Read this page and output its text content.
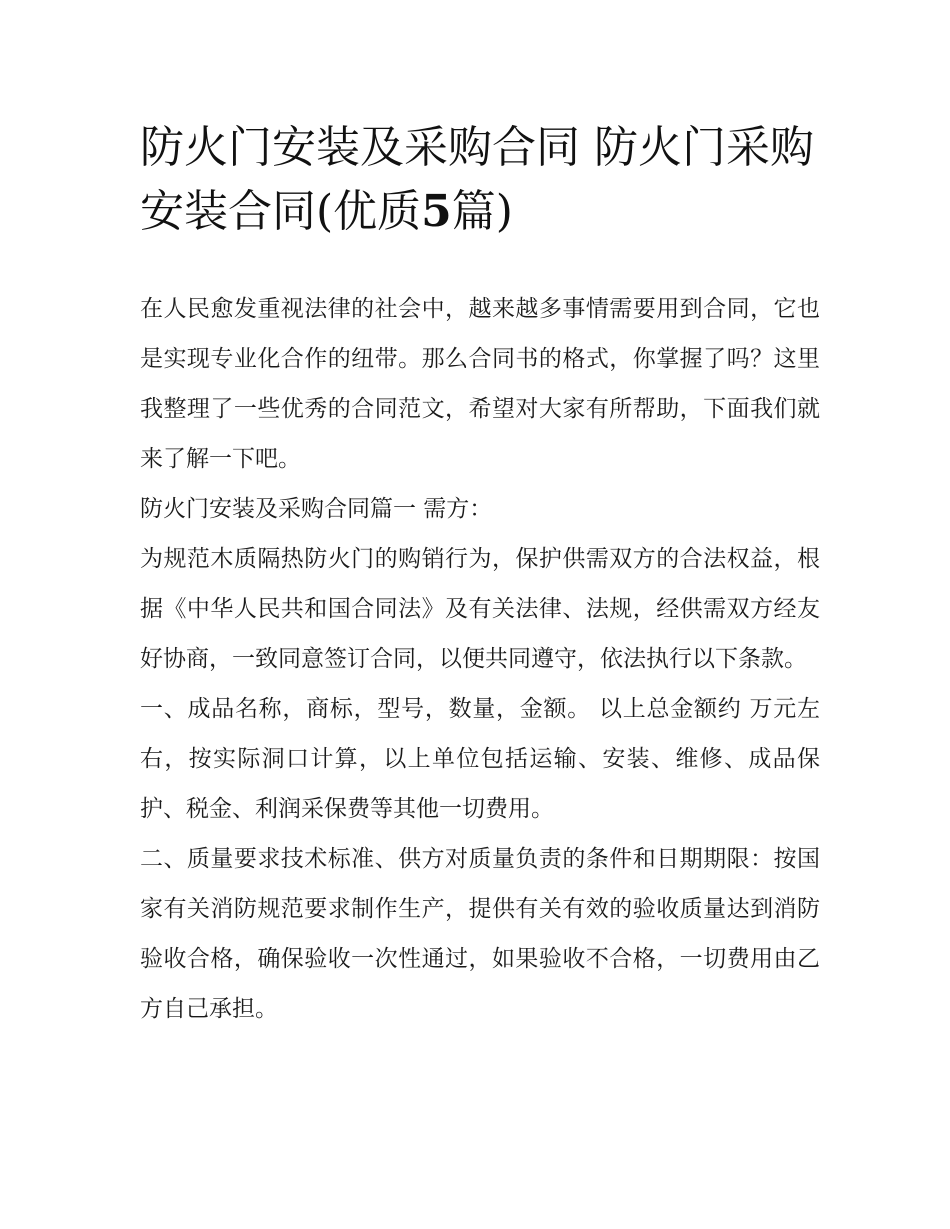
防火门安装及采购合同 防火门采购安装合同(优质5篇)

在人民愈发重视法律的社会中，越来越多事情需要用到合同，它也是实现专业化合作的纽带。那么合同书的格式，你掌握了吗？这里我整理了一些优秀的合同范文，希望对大家有所帮助，下面我们就来了解一下吧。

防火门安装及采购合同篇一 需方：

为规范木质隔热防火门的购销行为，保护供需双方的合法权益，根据《中华人民共和国合同法》及有关法律、法规，经供需双方经友好协商，一致同意签订合同，以便共同遵守，依法执行以下条款。

一、成品名称，商标，型号，数量，金额。 以上总金额约 万元左右，按实际洞口计算，以上单位包括运输、安装、维修、成品保护、税金、利润采保费等其他一切费用。

二、质量要求技术标准、供方对质量负责的条件和日期期限：按国家有关消防规范要求制作生产，提供有关有效的验收质量达到消防验收合格，确保验收一次性通过，如果验收不合格，一切费用由乙方自己承担。
